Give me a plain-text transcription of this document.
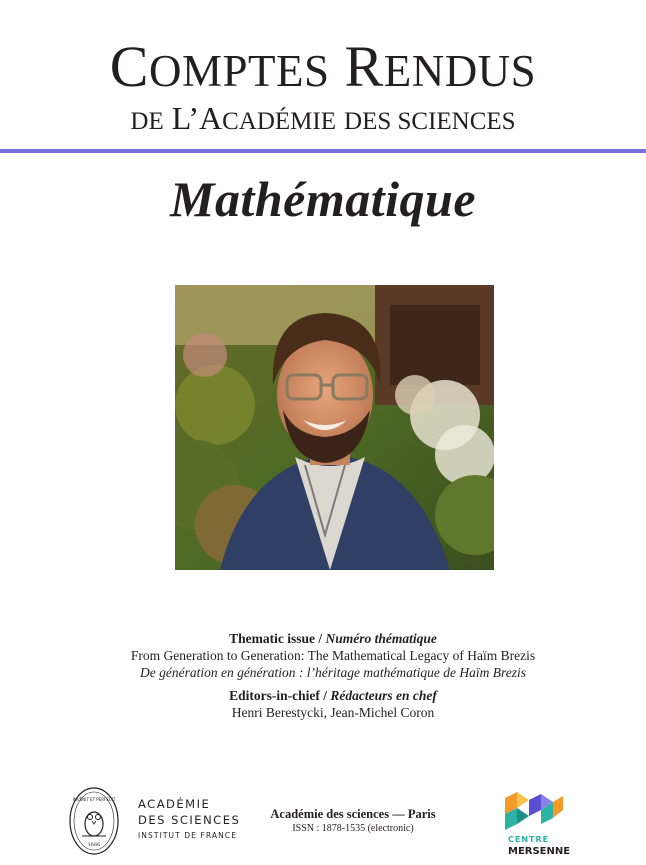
COMPTES RENDUS
DE L’ACADÉMIE DES SCIENCES
Mathématique
Thematic issue / Numéro thématique
From Generation to Generation: The Mathematical Legacy of Haïm Brezis
De génération en génération : l’héritage mathématique de Haïm Brezis
Editors-in-chief / Rédacteurs en chef
Henri Berestycki, Jean-Michel Coron
INVENIT ET PERFECIT
1666
ACADÉMIE
DES SCIENCES
INSTITUT DE FRANCE
Académie des sciences — Paris
ISSN : 1878-1535 (electronic)
CENTRE
MERSENNE
